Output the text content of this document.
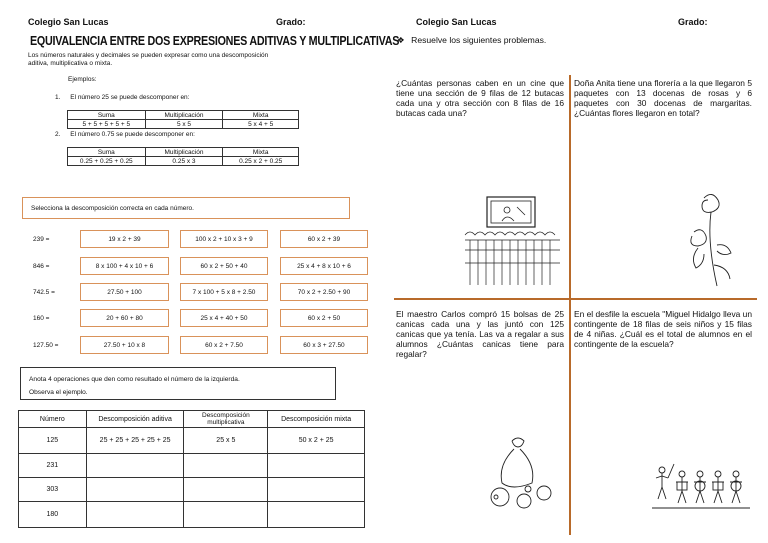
Colegio San Lucas	Grado:
EQUIVALENCIA ENTRE DOS EXPRESIONES ADITIVAS Y MULTIPLICATIVAS
Los números naturales y decimales se pueden expresar como una descomposición
aditiva, multiplicativa o mixta.
Ejemplos:
1. El número 25 se puede descomponer en:
Suma	Multiplicación	Mixta
5 + 5 + 5 + 5 + 5	5 x 5	5 x 4 + 5
2. El número 0.75 se puede descomponer en:
Suma	Multiplicación	Mixta
0.25 + 0.25 + 0.25	0.25 x 3	0.25 x 2 + 0.25
Selecciona la descomposición correcta en cada número.
239 =	19 x 2 + 39	100 x 2 + 10 x 3 + 9	60 x 2 + 39
846 =	8 x 100 + 4 x 10 + 6	60 x 2 + 50 + 40	25 x 4 + 8 x 10 + 6
742.5 =	27.50 + 100	7 x 100 + 5 x 8 + 2.50	70 x 2 + 2.50 + 90
160 =	20 + 60 + 80	25 x 4 + 40 + 50	60 x 2 + 50
127.50 =	27.50 + 10 x 8	60 x 2 + 7.50	60 x 3 + 27.50
Anota 4 operaciones que den como resultado el número de la izquierda.
Observa el ejemplo.
Número	Descomposición aditiva	Descomposición multiplicativa	Descomposición mixta
125	25 + 25 + 25 + 25 + 25	25 x 5	50 x 2 + 25
231			
303			
180			
Colegio San Lucas	Grado:
❖ Resuelve los siguientes problemas.
¿Cuántas personas caben en un cine que tiene una sección de 9 filas de 12 butacas cada una y otra sección con 8 filas de 16 butacas cada una?
Doña Anita tiene una florería a la que llegaron 5 paquetes con 13 docenas de rosas y 6 paquetes con 30 docenas de margaritas. ¿Cuántas flores llegaron en total?
El maestro Carlos compró 15 bolsas de 25 canicas cada una y las juntó con 125 canicas que ya tenía. Las va a regalar a sus alumnos ¿Cuántas canicas tiene para regalar?
En el desfile la escuela "Miguel Hidalgo lleva un contingente de 18 filas de seis niños y 15 filas de 4 niñas. ¿Cuál es el total de alumnos en el contingente de la escuela?
